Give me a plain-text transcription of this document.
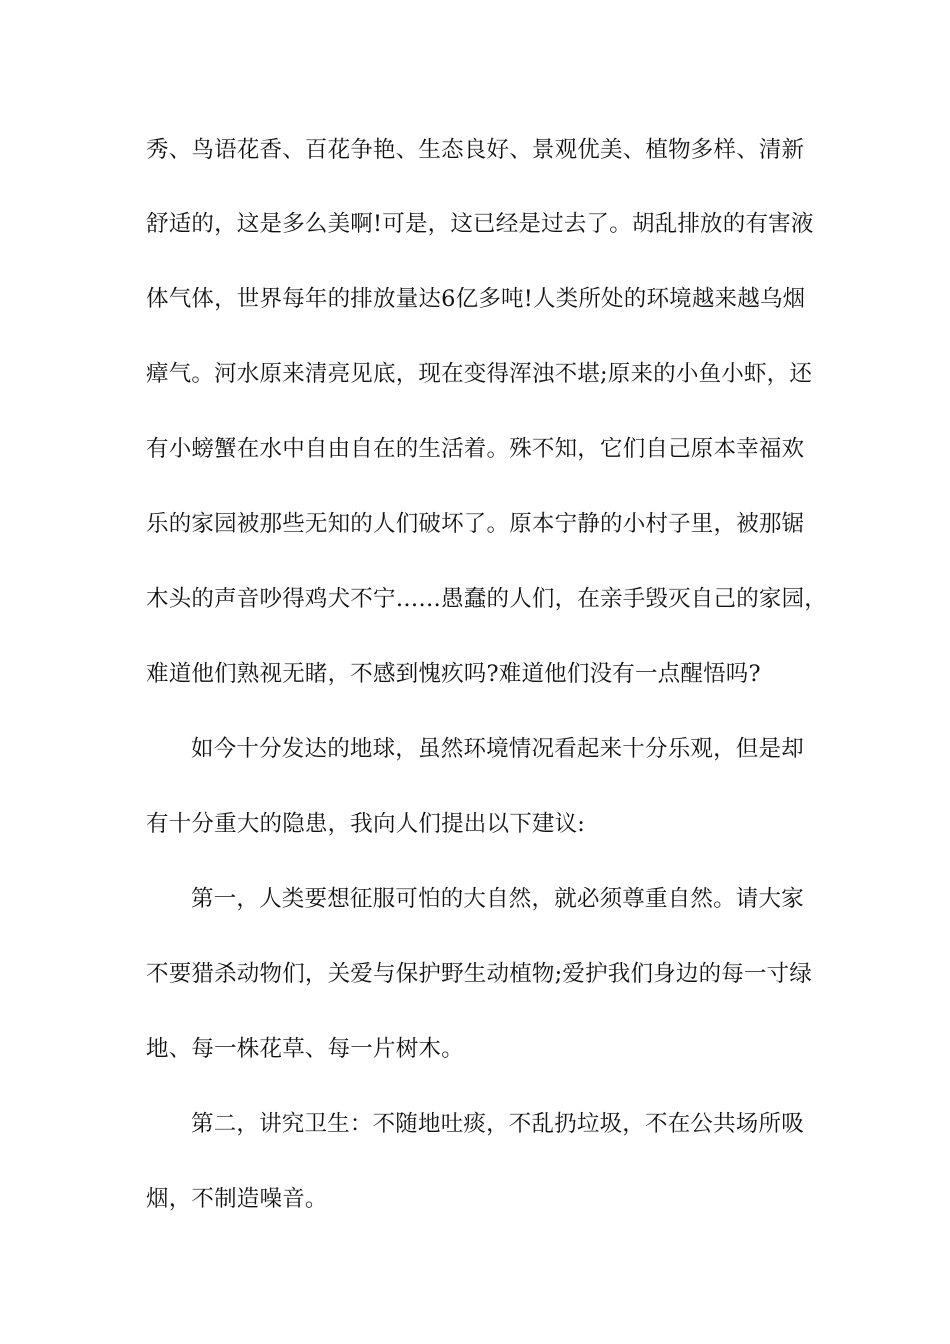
秀、鸟语花香、百花争艳、生态良好、景观优美、植物多样、清新
舒适的，这是多么美啊!可是，这已经是过去了。胡乱排放的有害液
体气体，世界每年的排放量达6亿多吨!人类所处的环境越来越乌烟
瘴气。河水原来清亮见底，现在变得浑浊不堪;原来的小鱼小虾，还
有小螃蟹在水中自由自在的生活着。殊不知，它们自己原本幸福欢
乐的家园被那些无知的人们破坏了。原本宁静的小村子里，被那锯
木头的声音吵得鸡犬不宁……愚蠢的人们，在亲手毁灭自己的家园，
难道他们熟视无睹，不感到愧疚吗?难道他们没有一点醒悟吗?
如今十分发达的地球，虽然环境情况看起来十分乐观，但是却
有十分重大的隐患，我向人们提出以下建议:
第一，人类要想征服可怕的大自然，就必须尊重自然。请大家
不要猎杀动物们，关爱与保护野生动植物;爱护我们身边的每一寸绿
地、每一株花草、每一片树木。
第二，讲究卫生：不随地吐痰，不乱扔垃圾，不在公共场所吸
烟，不制造噪音。
